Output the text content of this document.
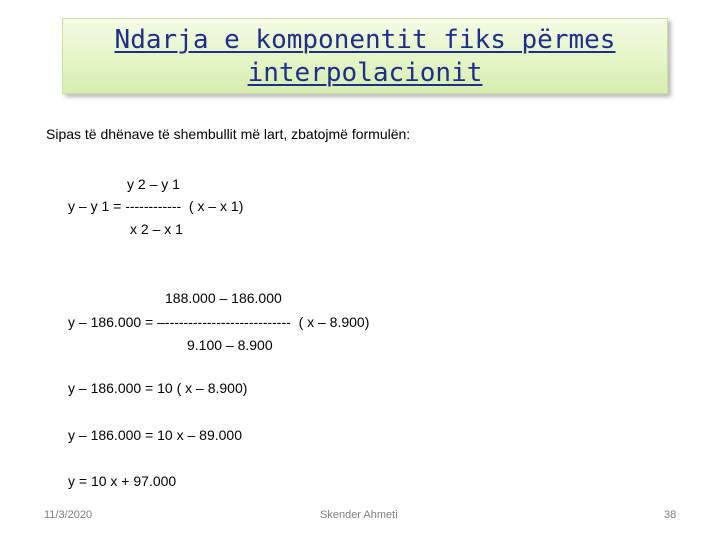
Ndarja e komponentit fiks përmes interpolacionit
Sipas të dhënave të shembullit më lart, zbatojmë formulën:
y 2 – y 1
y – y 1 = ------------  ( x – x 1)
x 2 – x 1
188.000 – 186.000
y – 186.000 = –---------------------------  ( x – 8.900)
9.100 – 8.900
y – 186.000 = 10 ( x – 8.900)
y – 186.000 = 10 x – 89.000
y = 10 x + 97.000
11/3/2020	Skender Ahmeti	38
